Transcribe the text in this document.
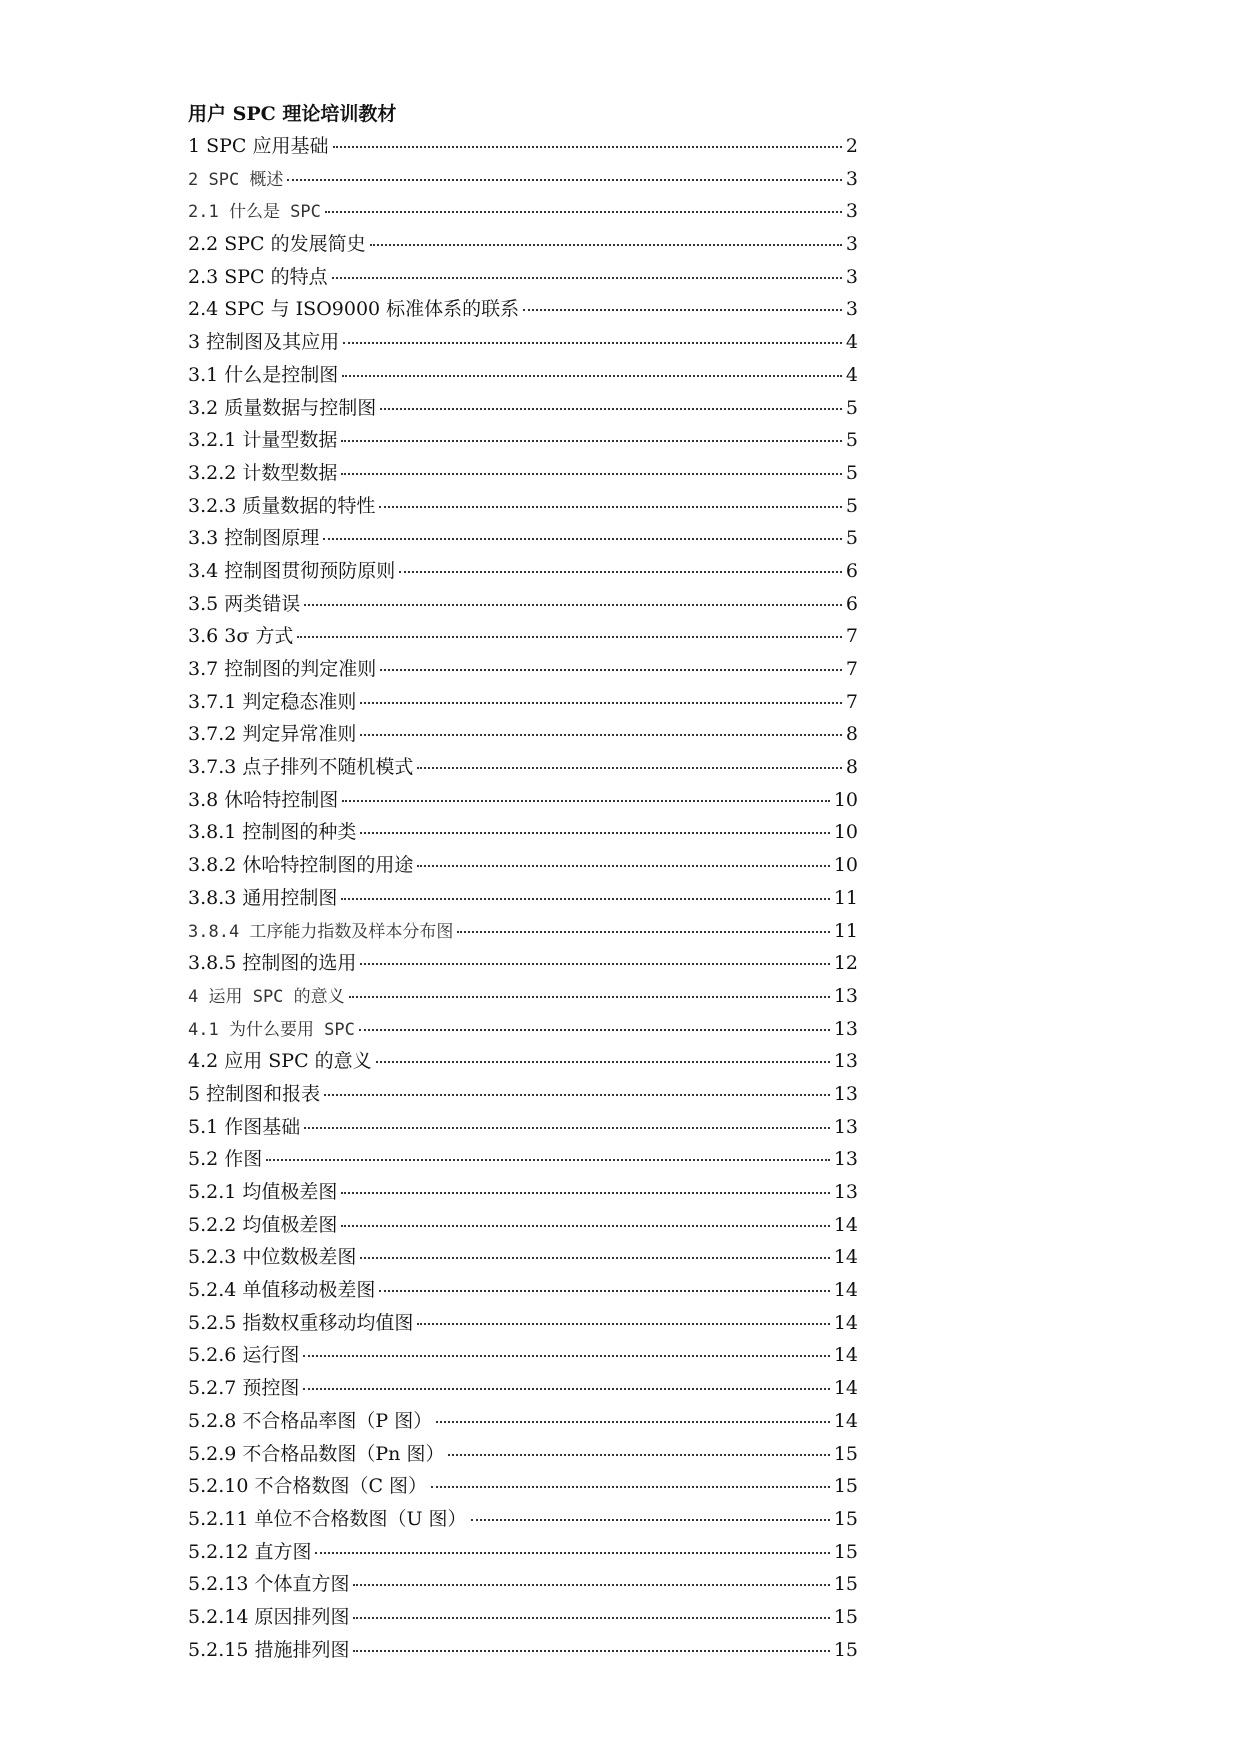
用户 SPC 理论培训教材
1 SPC 应用基础	2
2 SPC 概述	3
2.1 什么是 SPC	3
2.2 SPC 的发展简史	3
2.3 SPC 的特点	3
2.4 SPC 与 ISO9000 标准体系的联系	3
3 控制图及其应用	4
3.1 什么是控制图	4
3.2 质量数据与控制图	5
3.2.1 计量型数据	5
3.2.2 计数型数据	5
3.2.3 质量数据的特性	5
3.3 控制图原理	5
3.4 控制图贯彻预防原则	6
3.5 两类错误	6
3.6 3σ 方式	7
3.7 控制图的判定准则	7
3.7.1 判定稳态准则	7
3.7.2 判定异常准则	8
3.7.3 点子排列不随机模式	8
3.8 休哈特控制图	10
3.8.1 控制图的种类	10
3.8.2 休哈特控制图的用途	10
3.8.3 通用控制图	11
3.8.4 工序能力指数及样本分布图	11
3.8.5 控制图的选用	12
4 运用 SPC 的意义	13
4.1 为什么要用 SPC	13
4.2 应用 SPC 的意义	13
5 控制图和报表	13
5.1 作图基础	13
5.2 作图	13
5.2.1 均值极差图	13
5.2.2 均值极差图	14
5.2.3 中位数极差图	14
5.2.4 单值移动极差图	14
5.2.5 指数权重移动均值图	14
5.2.6 运行图	14
5.2.7 预控图	14
5.2.8 不合格品率图（P 图）	14
5.2.9 不合格品数图（Pn 图）	15
5.2.10 不合格数图（C 图）	15
5.2.11 单位不合格数图（U 图）	15
5.2.12 直方图	15
5.2.13 个体直方图	15
5.2.14 原因排列图	15
5.2.15 措施排列图	15
